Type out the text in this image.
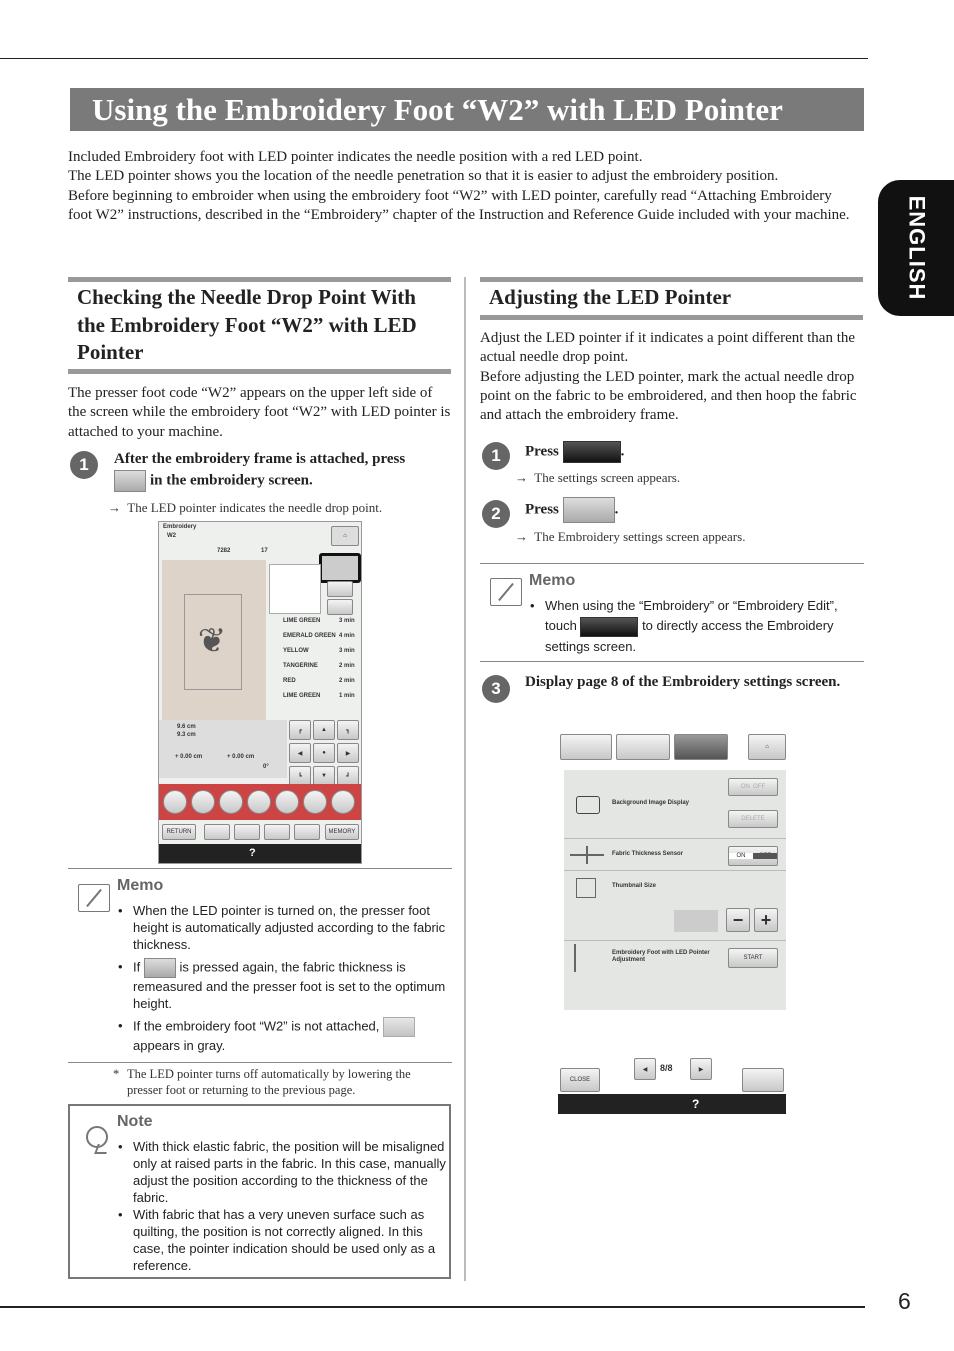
Using the Embroidery Foot “W2” with LED Pointer
ENGLISH
Included Embroidery foot with LED pointer indicates the needle position with a red LED point.
The LED pointer shows you the location of the needle penetration so that it is easier to adjust the embroidery position.
Before beginning to embroider when using the embroidery foot “W2” with LED pointer, carefully read “Attaching Embroidery foot W2” instructions, described in the “Embroidery” chapter of the Instruction and Reference Guide included with your machine.
Checking the Needle Drop Point With the Embroidery Foot “W2” with LED Pointer
The presser foot code “W2” appears on the upper left side of the screen while the embroidery foot “W2” with LED pointer is attached to your machine.
1	After the embroidery frame is attached, press
in the embroidery screen.
→ The LED pointer indicates the needle drop point.
Embroidery
W2
7282	17
⌂
❦
LIME GREEN	3 min
EMERALD GREEN 4 min
YELLOW	3 min
TANGERINE	2 min
RED	2 min
LIME GREEN	1 min
9.6 cm
9.3 cm
+ 0.00 cm	+ 0.00 cm
0°
┏	▲	┓
◀	●	▶
┗	▼	┛
RETURN	MEMORY
?
Memo
• When the LED pointer is turned on, the presser foot height is automatically adjusted according to the fabric thickness.
• If	is pressed again, the fabric thickness is remeasured and the presser foot is set to the optimum height.
• If the embroidery foot “W2” is not attached,
appears in gray.
* The LED pointer turns off automatically by lowering the presser foot or returning to the previous page.
Note
• With thick elastic fabric, the position will be misaligned only at raised parts in the fabric. In this case, manually adjust the position according to the thickness of the fabric.
• With fabric that has a very uneven surface such as quilting, the position is not correctly aligned. In this case, the pointer indication should be used only as a reference.
Adjusting the LED Pointer
Adjust the LED pointer if it indicates a point different than the actual needle drop point.
Before adjusting the LED pointer, mark the actual needle drop point on the fabric to be embroidered, and then hoop the fabric and attach the embroidery frame.
1	Press	.
→ The settings screen appears.
2	Press	.
→ The Embroidery settings screen appears.
Memo
• When using the “Embroidery” or “Embroidery Edit”,
touch	to directly access the Embroidery settings screen.
3	Display page 8 of the Embroidery settings screen.
⌂
Background Image Display
ON
OFF
DELETE
Fabric Thickness Sensor	ON	OFF
Thumbnail Size
− +
Embroidery Foot with LED Pointer Adjustment	START
CLOSE
◀	8/8	▶
?
6
